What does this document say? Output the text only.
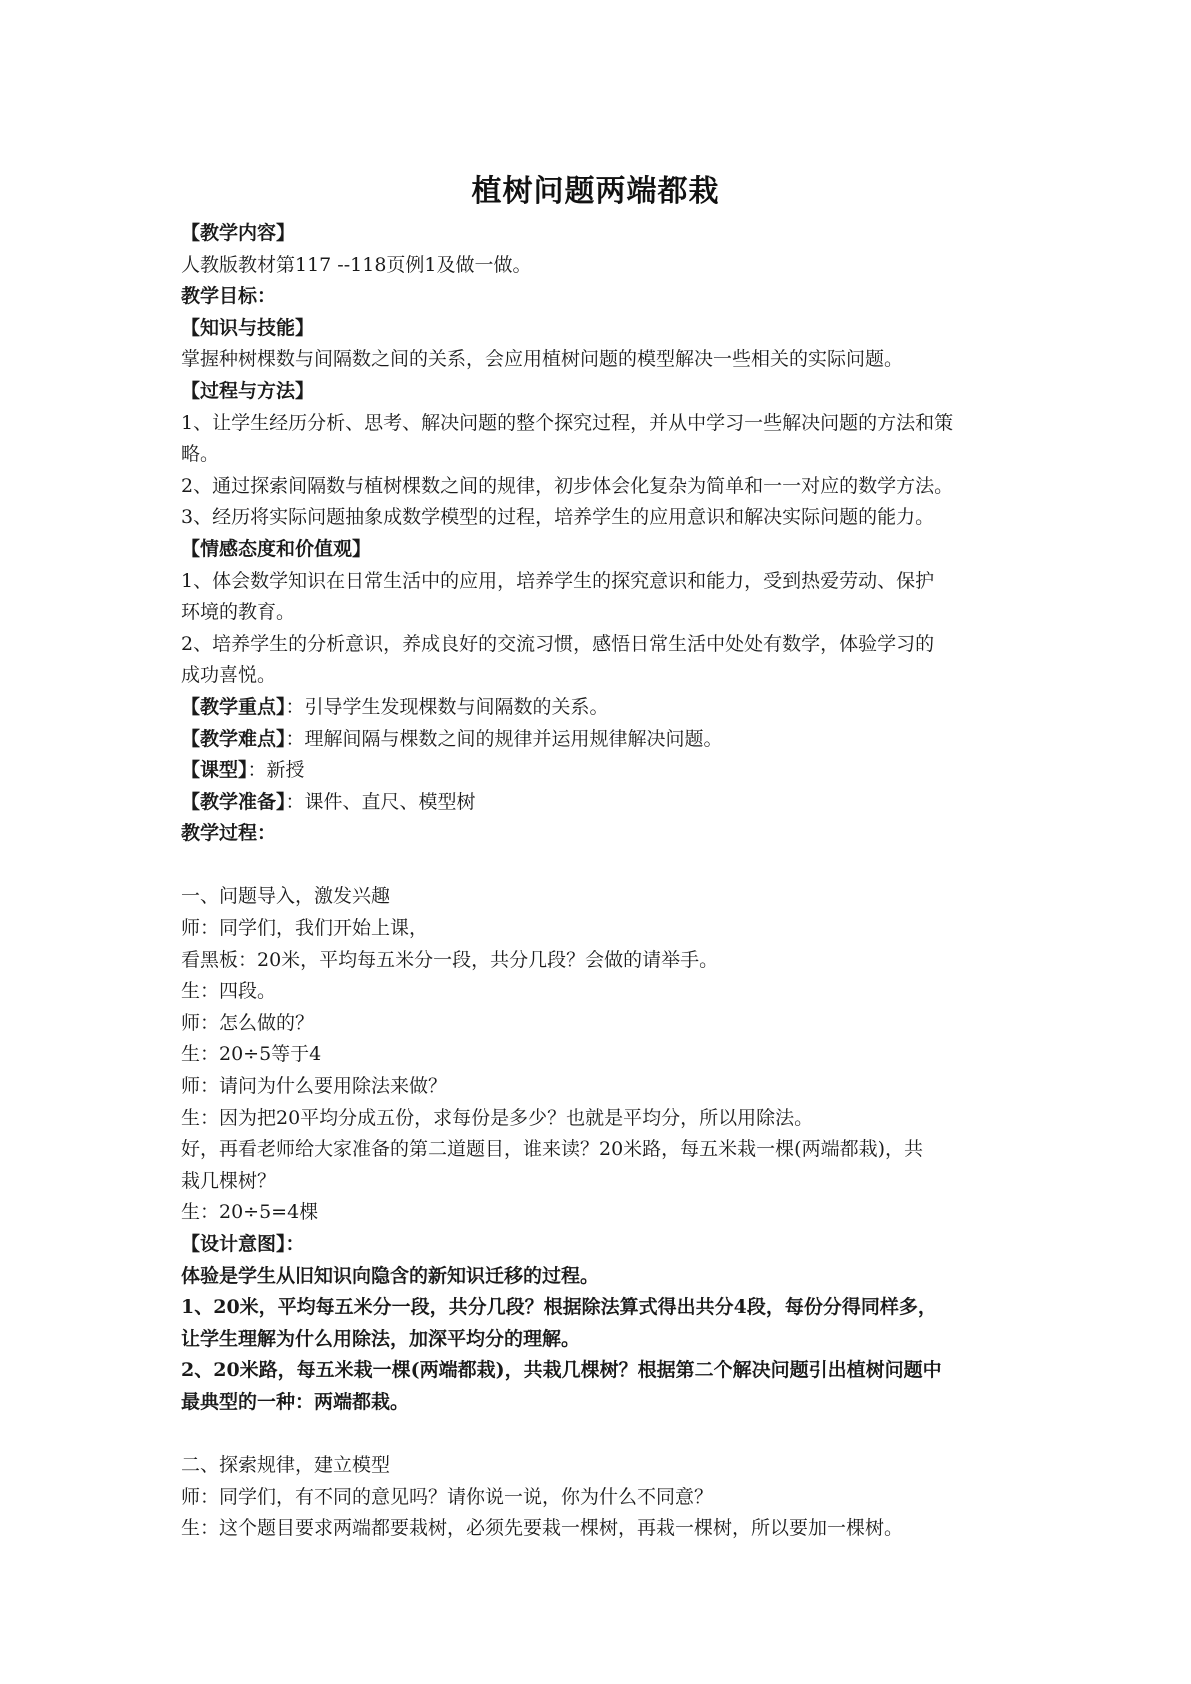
植树问题两端都栽
【教学内容】
人教版教材第117 --118页例1及做一做。
教学目标：
【知识与技能】
掌握种树棵数与间隔数之间的关系，会应用植树问题的模型解决一些相关的实际问题。
【过程与方法】
1、让学生经历分析、思考、解决问题的整个探究过程，并从中学习一些解决问题的方法和策
略。
2、通过探索间隔数与植树棵数之间的规律，初步体会化复杂为简单和一一对应的数学方法。
3、经历将实际问题抽象成数学模型的过程，培养学生的应用意识和解决实际问题的能力。
【情感态度和价值观】
1、体会数学知识在日常生活中的应用，培养学生的探究意识和能力，受到热爱劳动、保护
环境的教育。
2、培养学生的分析意识，养成良好的交流习惯，感悟日常生活中处处有数学，体验学习的
成功喜悦。
【教学重点】：引导学生发现棵数与间隔数的关系。
【教学难点】：理解间隔与棵数之间的规律并运用规律解决问题。
【课型】：新授
【教学准备】：课件、直尺、模型树
教学过程：
一、问题导入，激发兴趣
师：同学们，我们开始上课，
看黑板：20米，平均每五米分一段，共分几段？会做的请举手。
生：四段。
师：怎么做的？
生：20÷5等于4
师：请问为什么要用除法来做？
生：因为把20平均分成五份，求每份是多少？也就是平均分，所以用除法。
好，再看老师给大家准备的第二道题目，谁来读？20米路，每五米栽一棵(两端都栽)，共
栽几棵树？
生：20÷5=4棵
【设计意图】：
体验是学生从旧知识向隐含的新知识迁移的过程。
1、20米，平均每五米分一段，共分几段？根据除法算式得出共分4段，每份分得同样多，
让学生理解为什么用除法，加深平均分的理解。
2、20米路，每五米栽一棵(两端都栽)，共栽几棵树？根据第二个解决问题引出植树问题中
最典型的一种：两端都栽。
二、探索规律，建立模型
师：同学们，有不同的意见吗？请你说一说，你为什么不同意？
生：这个题目要求两端都要栽树，必须先要栽一棵树，再栽一棵树，所以要加一棵树。
